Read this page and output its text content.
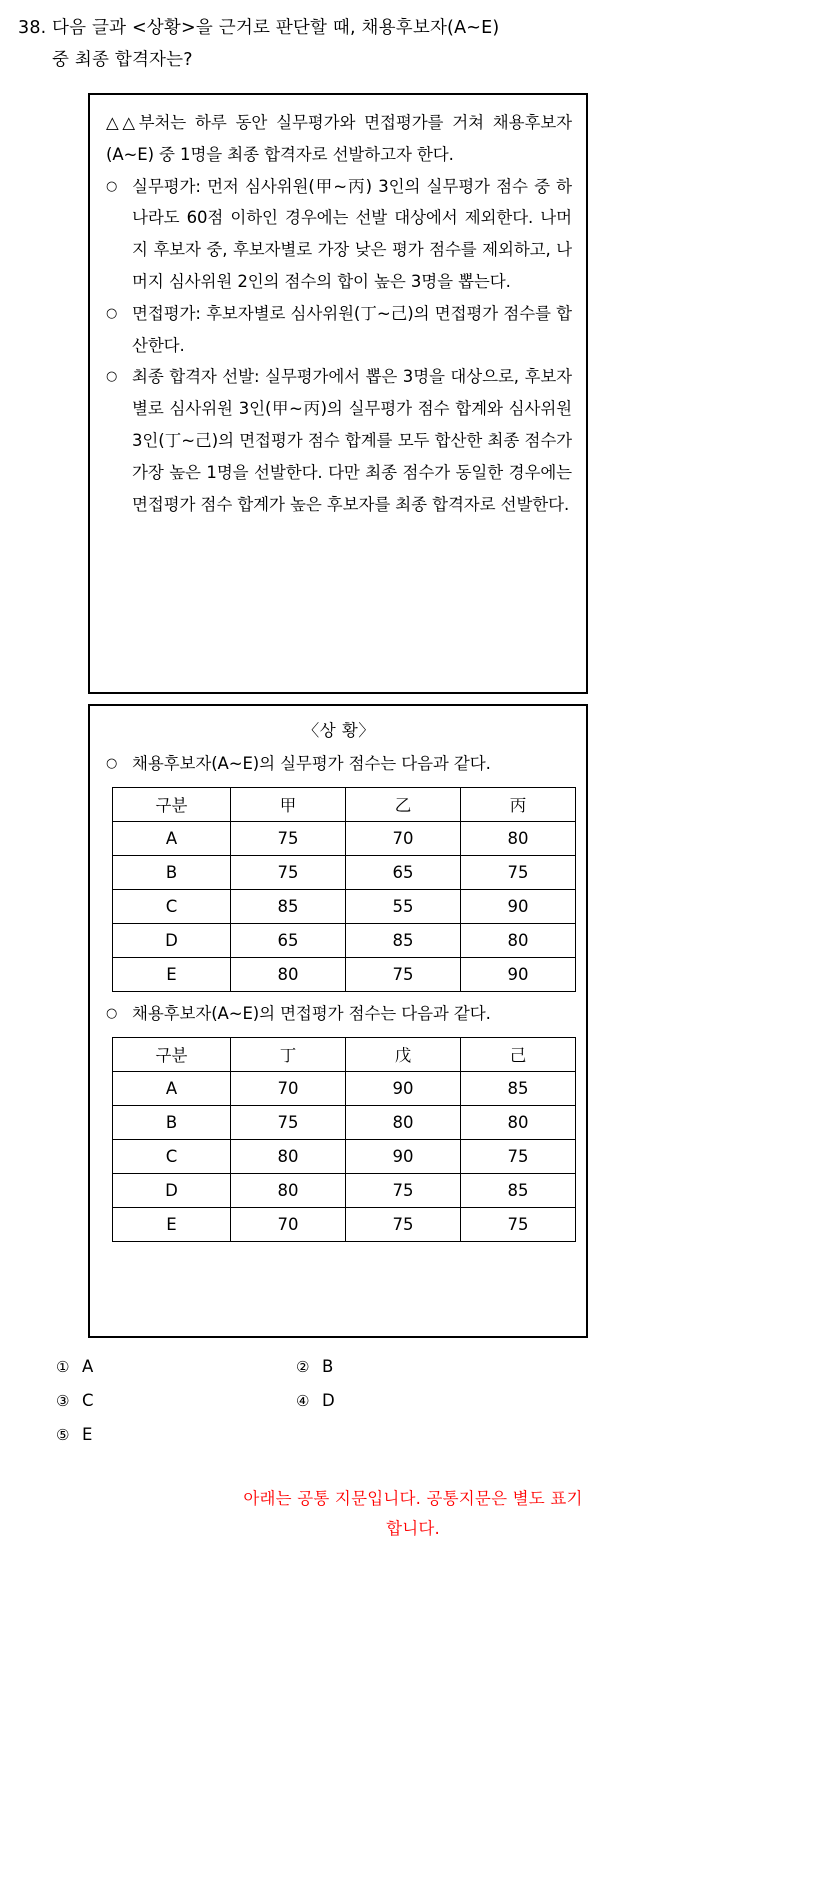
38. 다음 글과 <상황>을 근거로 판단할 때, 채용후보자(A~E)
중 최종 합격자는?
△△부처는 하루 동안 실무평가와 면접평가를 거쳐 채용후보자 (A~E) 중 1명을 최종 합격자로 선발하고자 한다.
○ 실무평가: 먼저 심사위원(甲~丙) 3인의 실무평가 점수 중 하나라도 60점 이하인 경우에는 선발 대상에서 제외한다. 나머지 후보자 중, 후보자별로 가장 낮은 평가 점수를 제외하고, 나머지 심사위원 2인의 점수의 합이 높은 3명을 뽑는다.
○ 면접평가: 후보자별로 심사위원(丁~己)의 면접평가 점수를 합산한다.
○ 최종 합격자 선발: 실무평가에서 뽑은 3명을 대상으로, 후보자별로 심사위원 3인(甲~丙)의 실무평가 점수 합계와 심사위원 3인(丁~己)의 면접평가 점수 합계를 모두 합산한 최종 점수가 가장 높은 1명을 선발한다. 다만 최종 점수가 동일한 경우에는 면접평가 점수 합계가 높은 후보자를 최종 합격자로 선발한다.
〈상 황〉
○ 채용후보자(A~E)의 실무평가 점수는 다음과 같다.
구분	甲	乙	丙
A	75	70	80
B	75	65	75
C	85	55	90
D	65	85	80
E	80	75	90
○ 채용후보자(A~E)의 면접평가 점수는 다음과 같다.
구분	丁	戊	己
A	70	90	85
B	75	80	80
C	80	90	75
D	80	75	85
E	70	75	75
① A	② B
③ C	④ D
⑤ E
아래는 공통 지문입니다. 공통지문은 별도 표기
합니다.
